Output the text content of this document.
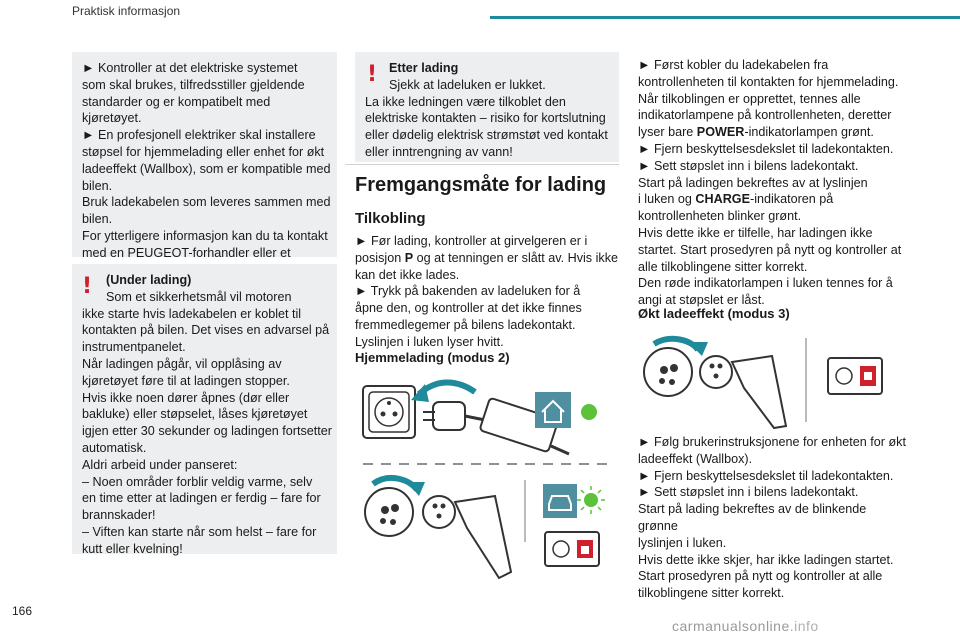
Praktisk informasjon

► Kontroller at det elektriske systemet

som skal brukes, tilfredsstiller gjeldende

standarder og er kompatibelt med kjøretøyet.

► En profesjonell elektriker skal installere

støpsel for hjemmelading eller enhet for økt

ladeeffekt (Wallbox), som er kompatible med

bilen.

Bruk ladekabelen som leveres sammen med

bilen.

For ytterligere informasjon kan du ta kontakt

med en PEUGEOT-forhandler eller et

!	(Under lading)

Som et sikkerhetsmål vil motoren

ikke starte hvis ladekabelen er koblet til

kontakten på bilen. Det vises en advarsel på

instrumentpanelet.

Når ladingen pågår, vil opplåsing av

kjøretøyet føre til at ladingen stopper.

Hvis ikke noen dører åpnes (dør eller

bakluke) eller støpselet, låses kjøretøyet

igjen etter 30 sekunder og ladingen fortsetter

automatisk.

Aldri arbeid under panseret:

– Noen områder forblir veldig varme, selv

en time etter at ladingen er ferdig – fare for

brannskader!

– Viften kan starte når som helst – fare for

kutt eller kvelning!

! Etter lading

Sjekk at ladeluken er lukket.

La ikke ledningen være tilkoblet den

elektriske kontakten – risiko for kortslutning

eller dødelig elektrisk strømstøt ved kontakt

eller inntrengning av vann!

Fremgangsmåte for lading
Tilkobling

► Før lading, kontroller at girvelgeren er i

posisjon P og at tenningen er slått av. Hvis ikke

kan det ikke lades.

► Trykk på bakenden av ladeluken for å

åpne den, og kontroller at det ikke finnes

fremmedlegemer på bilens ladekontakt.

Lyslinjen i luken lyser hvitt.

Hjemmelading (modus 2)

► Først kobler du ladekabelen fra

kontrollenheten til kontakten for hjemmelading.

Når tilkoblingen er opprettet, tennes alle

indikatorlampene på kontrollenheten, deretter

lyser bare POWER-indikatorlampen grønt.

► Fjern beskyttelsesdekslet til ladekontakten.

► Sett støpslet inn i bilens ladekontakt.

Start på ladingen bekreftes av at lyslinjen

i luken og CHARGE-indikatoren på

kontrollenheten blinker grønt.

Hvis dette ikke er tilfelle, har ladingen ikke

startet. Start prosedyren på nytt og kontroller at

alle tilkoblingene sitter korrekt.

Den røde indikatorlampen i luken tennes for å

angi at støpslet er låst.

Økt ladeeffekt (modus 3)

► Følg brukerinstruksjonene for enheten for økt

ladeeffekt (Wallbox).

► Fjern beskyttelsesdekslet til ladekontakten.

► Sett støpslet inn i bilens ladekontakt.

Start på lading bekreftes av de blinkende grønne

lyslinjen i luken.

Hvis dette ikke skjer, har ikke ladingen startet.

Start prosedyren på nytt og kontroller at alle

tilkoblingene sitter korrekt.

166
carmanualsonline.info
